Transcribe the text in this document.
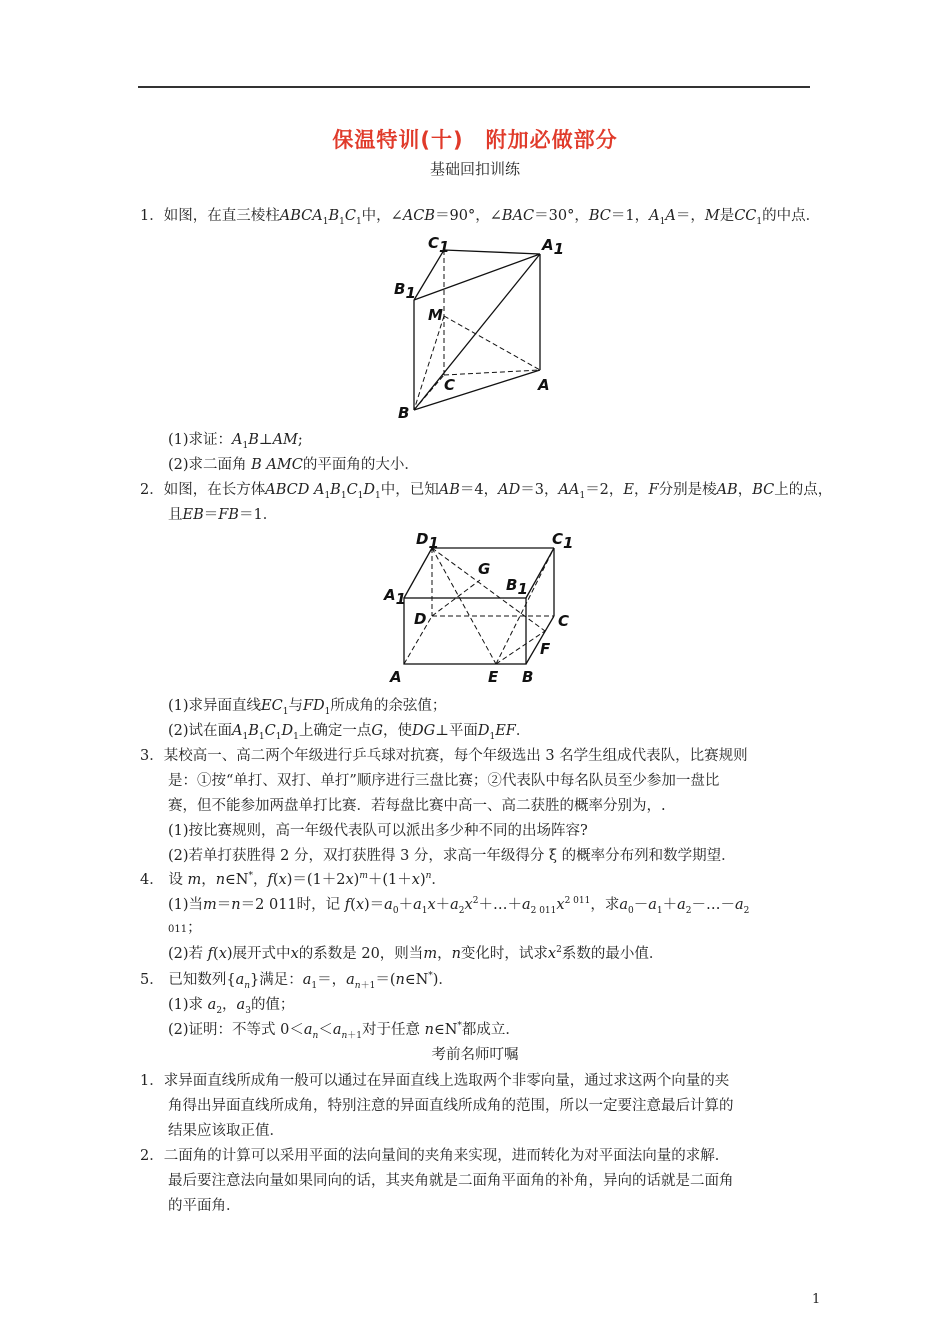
保温特训(十) 附加必做部分
基础回扣训练
1．如图，在直三棱柱$ABCA_1B_1C_1$中，∠ACB＝90°，∠BAC＝30°，BC＝1，$A_1A=$，M是$CC_1$的中点．
C1	A1
B1
M
C	A
B
(1)求证：$A_1B\perp AM$;
(2)求二面角 B AMC的平面角的大小．
2．如图，在长方体ABCD $A_1B_1C_1D_1$中，已知AB＝4，AD＝3，$AA_1=2$，E，F分别是棱AB，BC上的点，
且EB＝FB＝1．
D1	C1
G
B1
A1
D	C
F
A	E B
(1)求异面直线$EC_1$与$FD_1$所成角的余弦值；
(2)试在面$A_1B_1C_1D_1$上确定一点G，使DG⊥平面$D_1EF$．
3．某校高一、高二两个年级进行乒乓球对抗赛，每个年级选出 3 名学生组成代表队，比赛规则
是：①按“单打、双打、单打”顺序进行三盘比赛；②代表队中每名队员至少参加一盘比
赛，但不能参加两盘单打比赛．若每盘比赛中高一、高二获胜的概率分别为，.
(1)按比赛规则，高一年级代表队可以派出多少种不同的出场阵容?
(2)若单打获胜得 2 分，双打获胜得 3 分，求高一年级得分 ξ 的概率分布列和数学期望．
4． 设 m，n∈N*，$f(x)=(1+2x)^m+(1+x)^n$．
(1)当m＝n＝2 011时，记 $f(x)=a_0+a_1x+a_2x^2+\dots+a_{2 011}x^{2 011}$，求$a_0-a_1+a_2-\dots-a_2$
011；
(2)若 f(x)展开式中x的系数是 20，则当m，n变化时，试求$x^2$系数的最小值．
5． 已知数列$\{a_n\}$满足：$a_1=$，$a_{n+1}=(n\in N^*)$．
(1)求 $a_2$，$a_3$的值；
(2)证明：不等式 $0<a_n<a_{n+1}$对于任意 n∈N*都成立．
考前名师叮嘱
1．求异面直线所成角一般可以通过在异面直线上选取两个非零向量，通过求这两个向量的夹
角得出异面直线所成角，特别注意的异面直线所成角的范围，所以一定要注意最后计算的
结果应该取正值．
2．二面角的计算可以采用平面的法向量间的夹角来实现，进而转化为对平面法向量的求解．
最后要注意法向量如果同向的话，其夹角就是二面角平面角的补角，异向的话就是二面角
的平面角．
1
